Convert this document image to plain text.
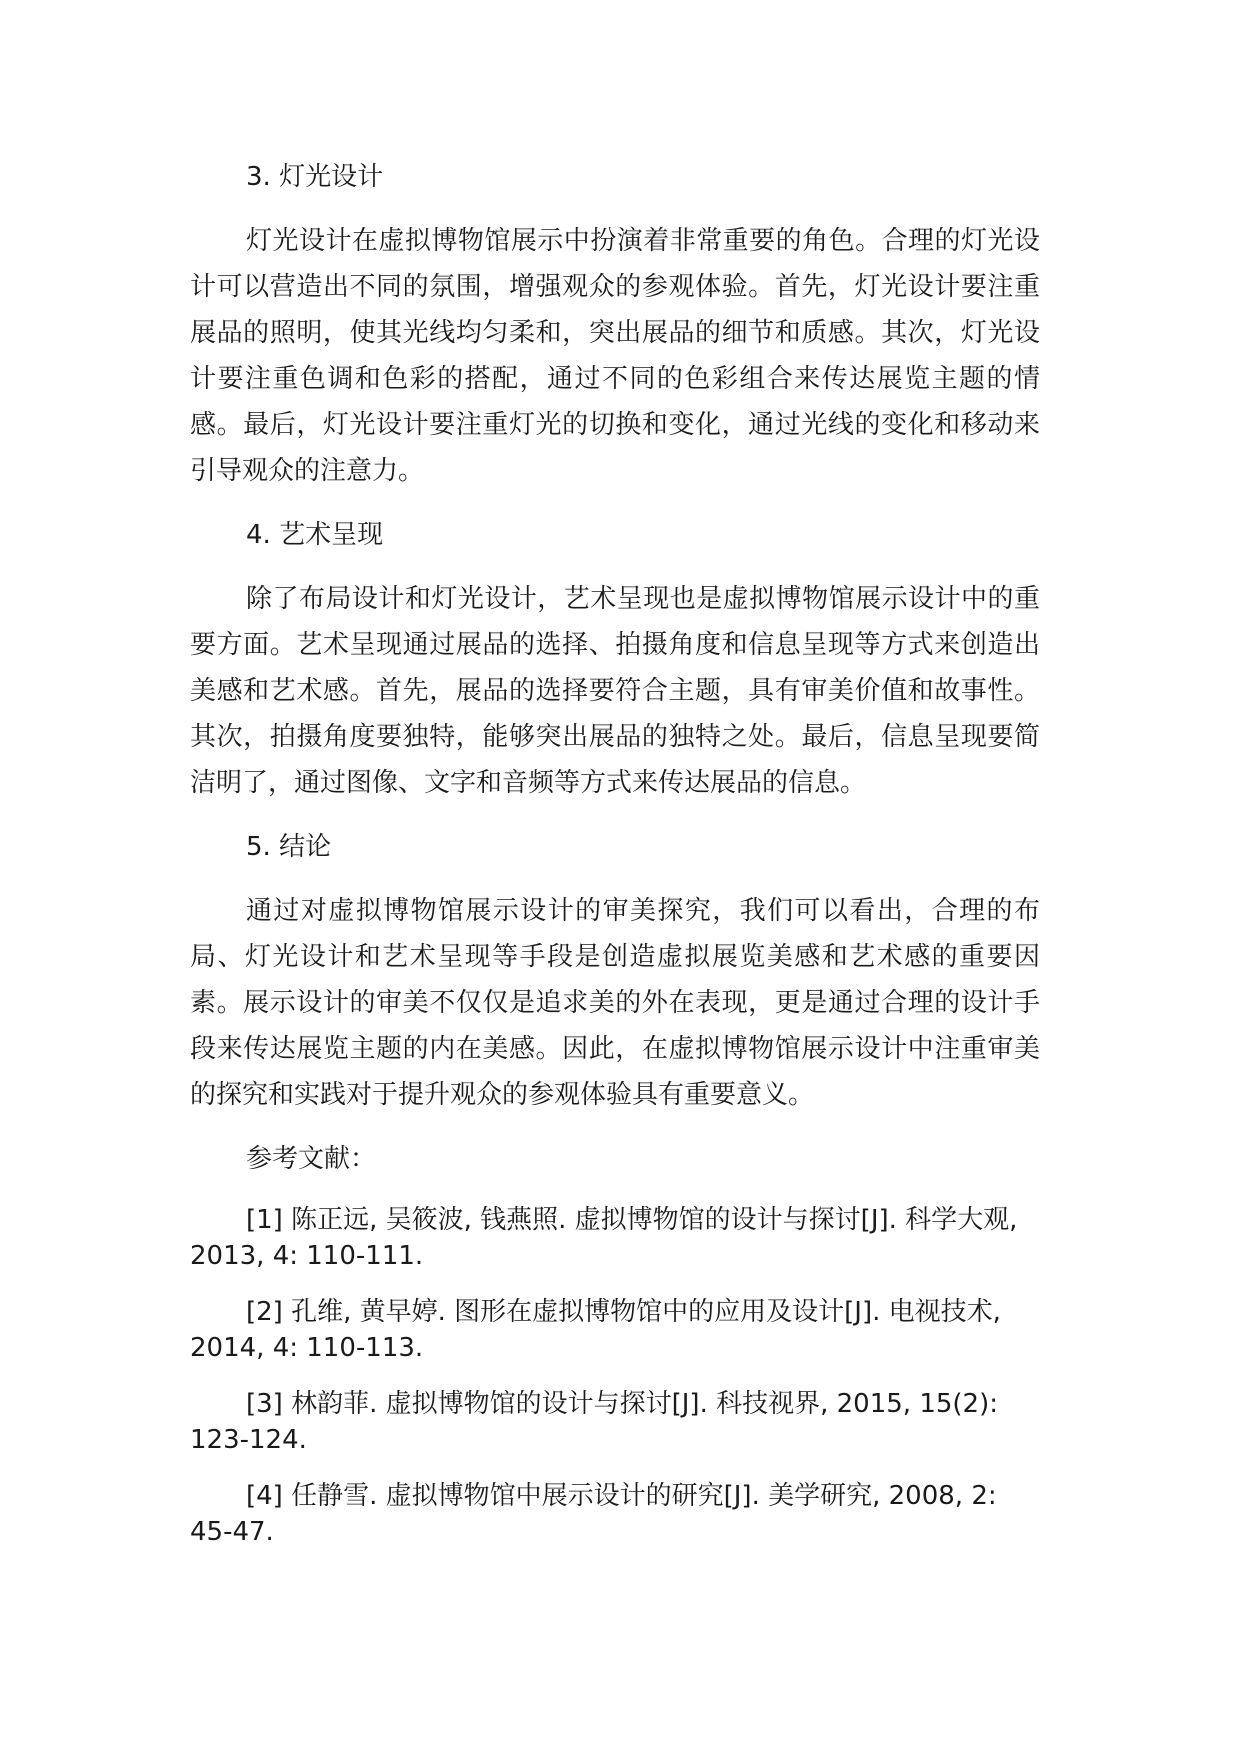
3. 灯光设计

灯光设计在虚拟博物馆展示中扮演着非常重要的角色。合理的灯光设计可以营造出不同的氛围，增强观众的参观体验。首先，灯光设计要注重展品的照明，使其光线均匀柔和，突出展品的细节和质感。其次，灯光设计要注重色调和色彩的搭配，通过不同的色彩组合来传达展览主题的情感。最后，灯光设计要注重灯光的切换和变化，通过光线的变化和移动来引导观众的注意力。

4. 艺术呈现

除了布局设计和灯光设计，艺术呈现也是虚拟博物馆展示设计中的重要方面。艺术呈现通过展品的选择、拍摄角度和信息呈现等方式来创造出美感和艺术感。首先，展品的选择要符合主题，具有审美价值和故事性。其次，拍摄角度要独特，能够突出展品的独特之处。最后，信息呈现要简洁明了，通过图像、文字和音频等方式来传达展品的信息。

5. 结论

通过对虚拟博物馆展示设计的审美探究，我们可以看出，合理的布局、灯光设计和艺术呈现等手段是创造虚拟展览美感和艺术感的重要因素。展示设计的审美不仅仅是追求美的外在表现，更是通过合理的设计手段来传达展览主题的内在美感。因此，在虚拟博物馆展示设计中注重审美的探究和实践对于提升观众的参观体验具有重要意义。

参考文献：

[1] 陈正远, 吴筱波, 钱燕照. 虚拟博物馆的设计与探讨[J]. 科学大观, 2013, 4: 110-111.

[2] 孔维, 黄早婷. 图形在虚拟博物馆中的应用及设计[J]. 电视技术, 2014, 4: 110-113.

[3] 林韵菲. 虚拟博物馆的设计与探讨[J]. 科技视界, 2015, 15(2): 123-124.

[4] 任静雪. 虚拟博物馆中展示设计的研究[J]. 美学研究, 2008, 2: 45-47.
